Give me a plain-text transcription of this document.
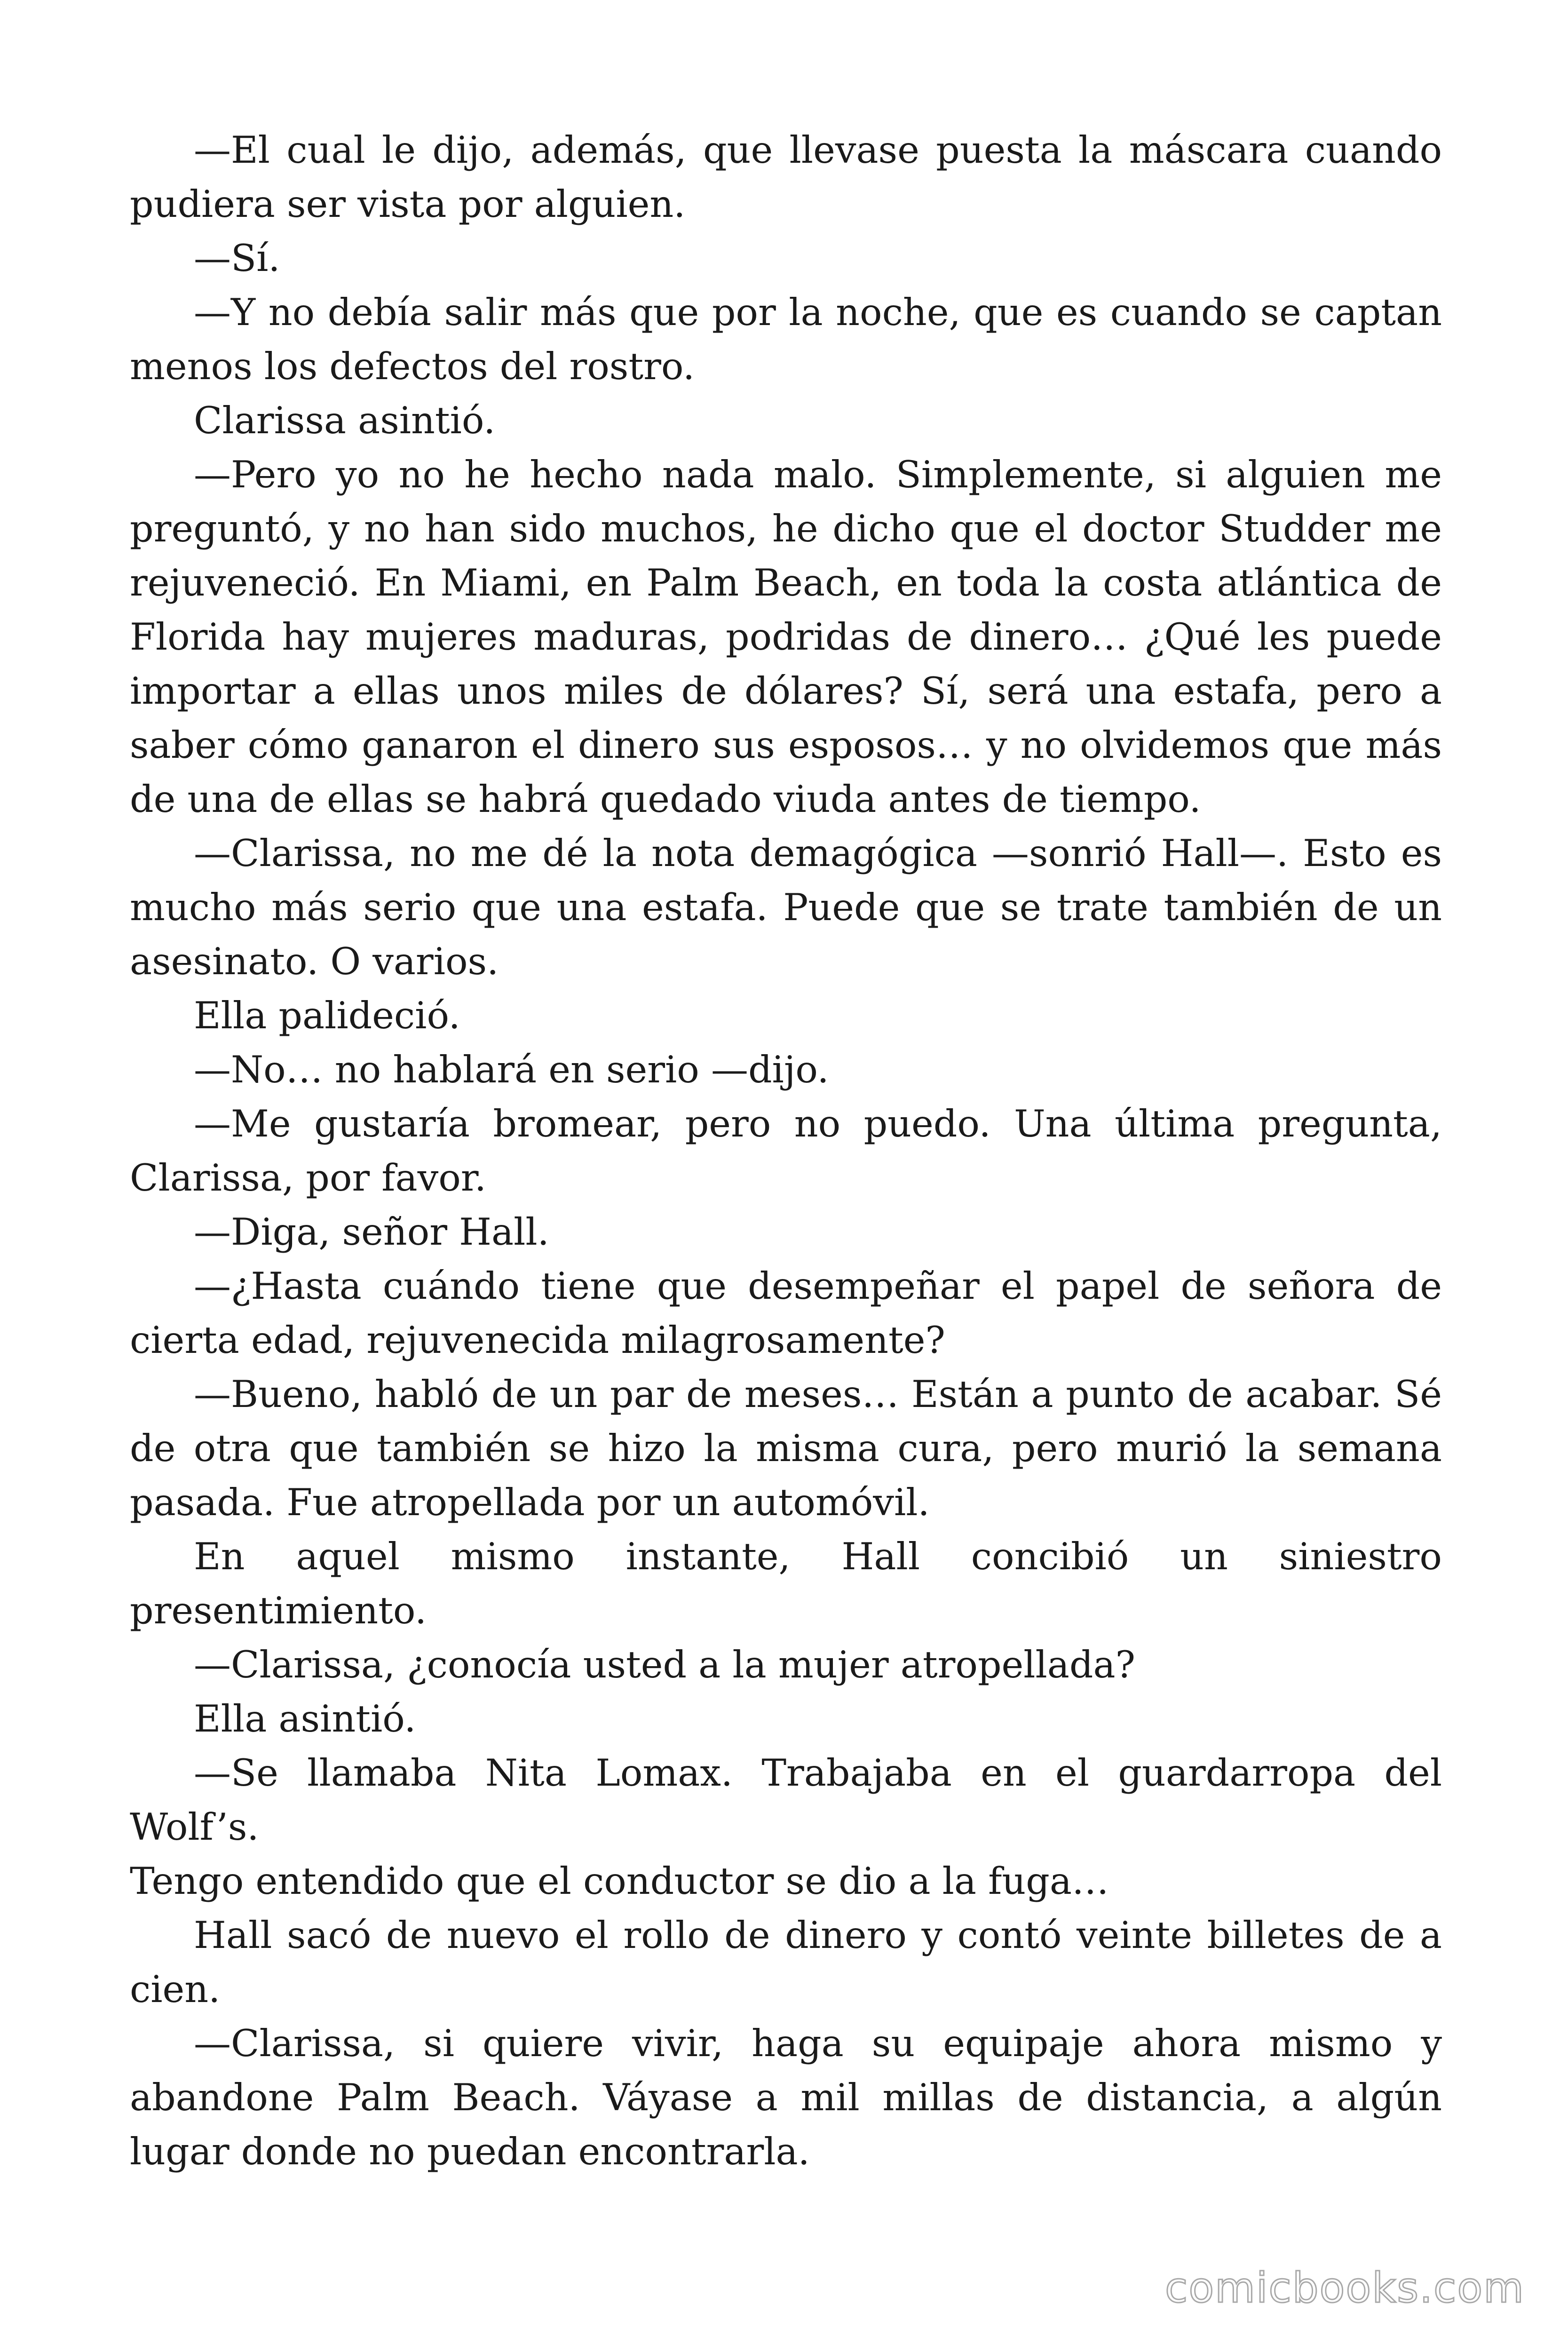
—El cual le dijo, además, que llevase puesta la máscara cuando pudiera ser vista por alguien.

—Sí.

—Y no debía salir más que por la noche, que es cuando se captan menos los defectos del rostro.

Clarissa asintió.

—Pero yo no he hecho nada malo. Simplemente, si alguien me preguntó, y no han sido muchos, he dicho que el doctor Studder me rejuveneció. En Miami, en Palm Beach, en toda la costa atlántica de Florida hay mujeres maduras, podridas de dinero… ¿Qué les puede importar a ellas unos miles de dólares? Sí, será una estafa, pero a saber cómo ganaron el dinero sus esposos… y no olvidemos que más de una de ellas se habrá quedado viuda antes de tiempo.

—Clarissa, no me dé la nota demagógica —sonrió Hall—. Esto es mucho más serio que una estafa. Puede que se trate también de un asesinato. O varios.

Ella palideció.

—No… no hablará en serio —dijo.

—Me gustaría bromear, pero no puedo. Una última pregunta, Clarissa, por favor.

—Diga, señor Hall.

—¿Hasta cuándo tiene que desempeñar el papel de señora de cierta edad, rejuvenecida milagrosamente?

—Bueno, habló de un par de meses… Están a punto de acabar. Sé de otra que también se hizo la misma cura, pero murió la semana pasada. Fue atropellada por un automóvil.

En aquel mismo instante, Hall concibió un siniestro presentimiento.

—Clarissa, ¿conocía usted a la mujer atropellada?

Ella asintió.

—Se llamaba Nita Lomax. Trabajaba en el guardarropa del Wolf’s.

Tengo entendido que el conductor se dio a la fuga…

Hall sacó de nuevo el rollo de dinero y contó veinte billetes de a cien.

—Clarissa, si quiere vivir, haga su equipaje ahora mismo y abandone Palm Beach. Váyase a mil millas de distancia, a algún lugar donde no puedan encontrarla.

comicbooks.com
